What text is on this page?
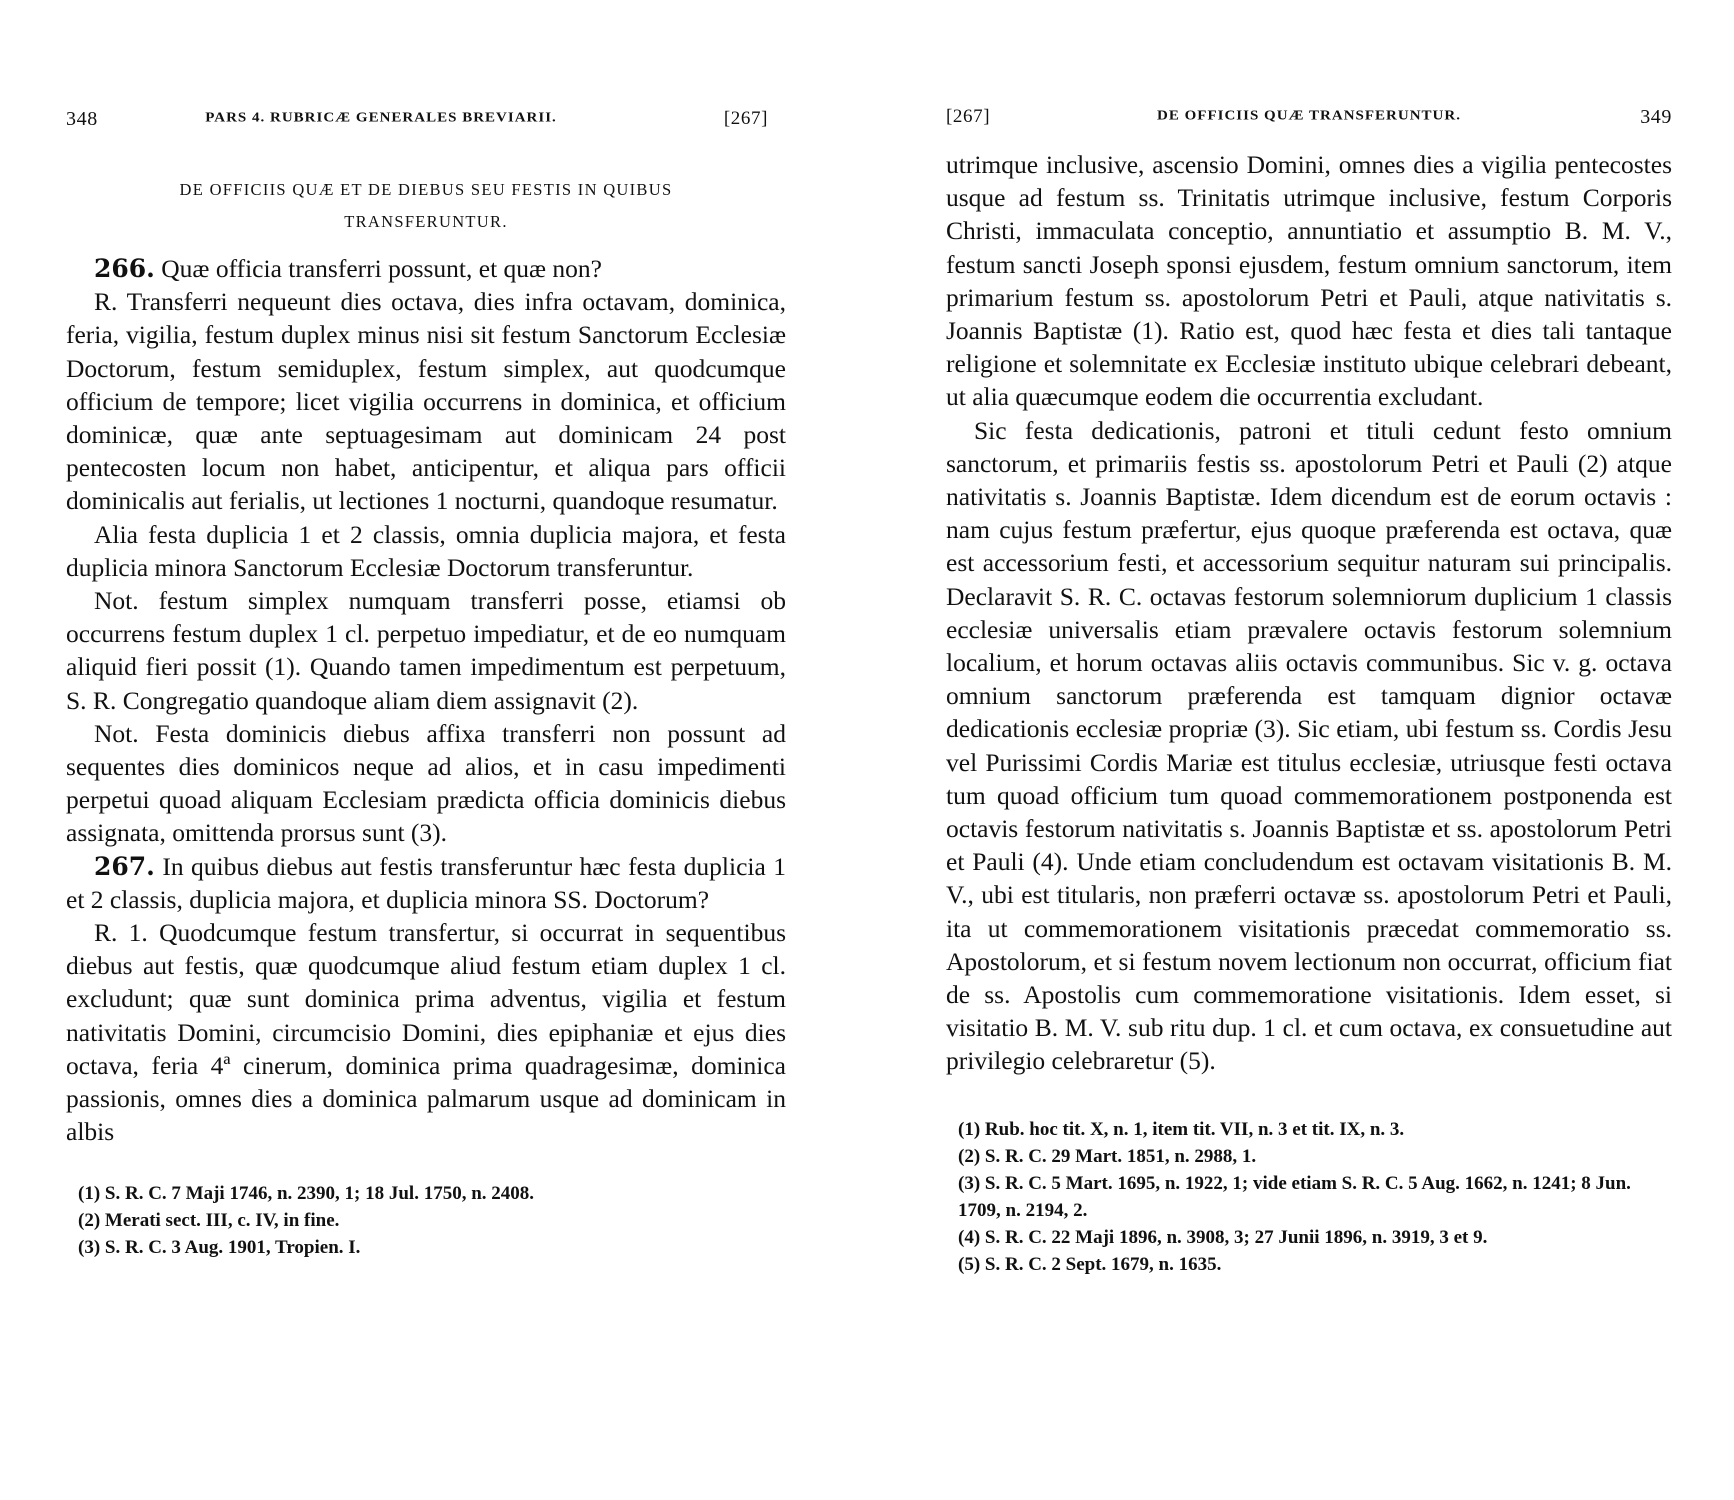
348	PARS 4. RUBRICÆ GENERALES BREVIARII.	[267]
DE OFFICIIS QUÆ ET DE DIEBUS SEU FESTIS IN QUIBUS
TRANSFERUNTUR.

266. Quæ officia transferri possunt, et quæ non?

R. Transferri nequeunt dies octava, dies infra octavam, dominica, feria, vigilia, festum duplex minus nisi sit festum Sanctorum Ecclesiæ Doctorum, festum semiduplex, festum simplex, aut quodcumque officium de tempore; licet vigilia occurrens in dominica, et officium dominicæ, quæ ante septuagesimam aut dominicam 24 post pentecosten locum non habet, anticipentur, et aliqua pars officii dominicalis aut ferialis, ut lectiones 1 nocturni, quandoque resumatur.

Alia festa duplicia 1 et 2 classis, omnia duplicia majora, et festa duplicia minora Sanctorum Ecclesiæ Doctorum transferuntur.

Not. festum simplex numquam transferri posse, etiamsi ob occurrens festum duplex 1 cl. perpetuo impediatur, et de eo numquam aliquid fieri possit (1). Quando tamen impedimentum est perpetuum, S. R. Congregatio quandoque aliam diem assignavit (2).

Not. Festa dominicis diebus affixa transferri non possunt ad sequentes dies dominicos neque ad alios, et in casu impedimenti perpetui quoad aliquam Ecclesiam prædicta officia dominicis diebus assignata, omittenda prorsus sunt (3).

267. In quibus diebus aut festis transferuntur hæc festa duplicia 1 et 2 classis, duplicia majora, et duplicia minora SS. Doctorum?

R. 1. Quodcumque festum transfertur, si occurrat in sequentibus diebus aut festis, quæ quodcumque aliud festum etiam duplex 1 cl. excludunt; quæ sunt dominica prima adventus, vigilia et festum nativitatis Domini, circumcisio Domini, dies epiphaniæ et ejus dies octava, feria 4ª cinerum, dominica prima quadragesimæ, dominica passionis, omnes dies a dominica palmarum usque ad dominicam in albis

(1) S. R. C. 7 Maji 1746, n. 2390, 1; 18 Jul. 1750, n. 2408.
(2) Merati sect. III, c. IV, in fine.
(3) S. R. C. 3 Aug. 1901, Tropien. I.
[267]	DE OFFICIIS QUÆ TRANSFERUNTUR.	349

utrimque inclusive, ascensio Domini, omnes dies a vigilia pentecostes usque ad festum ss. Trinitatis utrimque inclusive, festum Corporis Christi, immaculata conceptio, annuntiatio et assumptio B. M. V., festum sancti Joseph sponsi ejusdem, festum omnium sanctorum, item primarium festum ss. apostolorum Petri et Pauli, atque nativitatis s. Joannis Baptistæ (1). Ratio est, quod hæc festa et dies tali tantaque religione et solemnitate ex Ecclesiæ instituto ubique celebrari debeant, ut alia quæcumque eodem die occurrentia excludant.

Sic festa dedicationis, patroni et tituli cedunt festo omnium sanctorum, et primariis festis ss. apostolorum Petri et Pauli (2) atque nativitatis s. Joannis Baptistæ. Idem dicendum est de eorum octavis : nam cujus festum præfertur, ejus quoque præferenda est octava, quæ est accessorium festi, et accessorium sequitur naturam sui principalis. Declaravit S. R. C. octavas festorum solemniorum duplicium 1 classis ecclesiæ universalis etiam prævalere octavis festorum solemnium localium, et horum octavas aliis octavis communibus. Sic v. g. octava omnium sanctorum præferenda est tamquam dignior octavæ dedicationis ecclesiæ propriæ (3). Sic etiam, ubi festum ss. Cordis Jesu vel Purissimi Cordis Mariæ est titulus ecclesiæ, utriusque festi octava tum quoad officium tum quoad commemorationem postponenda est octavis festorum nativitatis s. Joannis Baptistæ et ss. apostolorum Petri et Pauli (4). Unde etiam concludendum est octavam visitationis B. M. V., ubi est titularis, non præferri octavæ ss. apostolorum Petri et Pauli, ita ut commemorationem visitationis præcedat commemoratio ss. Apostolorum, et si festum novem lectionum non occurrat, officium fiat de ss. Apostolis cum commemoratione visitationis. Idem esset, si visitatio B. M. V. sub ritu dup. 1 cl. et cum octava, ex consuetudine aut privilegio celebraretur (5).

(1) Rub. hoc tit. X, n. 1, item tit. VII, n. 3 et tit. IX, n. 3.
(2) S. R. C. 29 Mart. 1851, n. 2988, 1.
(3) S. R. C. 5 Mart. 1695, n. 1922, 1; vide etiam S. R. C. 5 Aug. 1662, n. 1241; 8 Jun. 1709, n. 2194, 2.
(4) S. R. C. 22 Maji 1896, n. 3908, 3; 27 Junii 1896, n. 3919, 3 et 9.
(5) S. R. C. 2 Sept. 1679, n. 1635.
